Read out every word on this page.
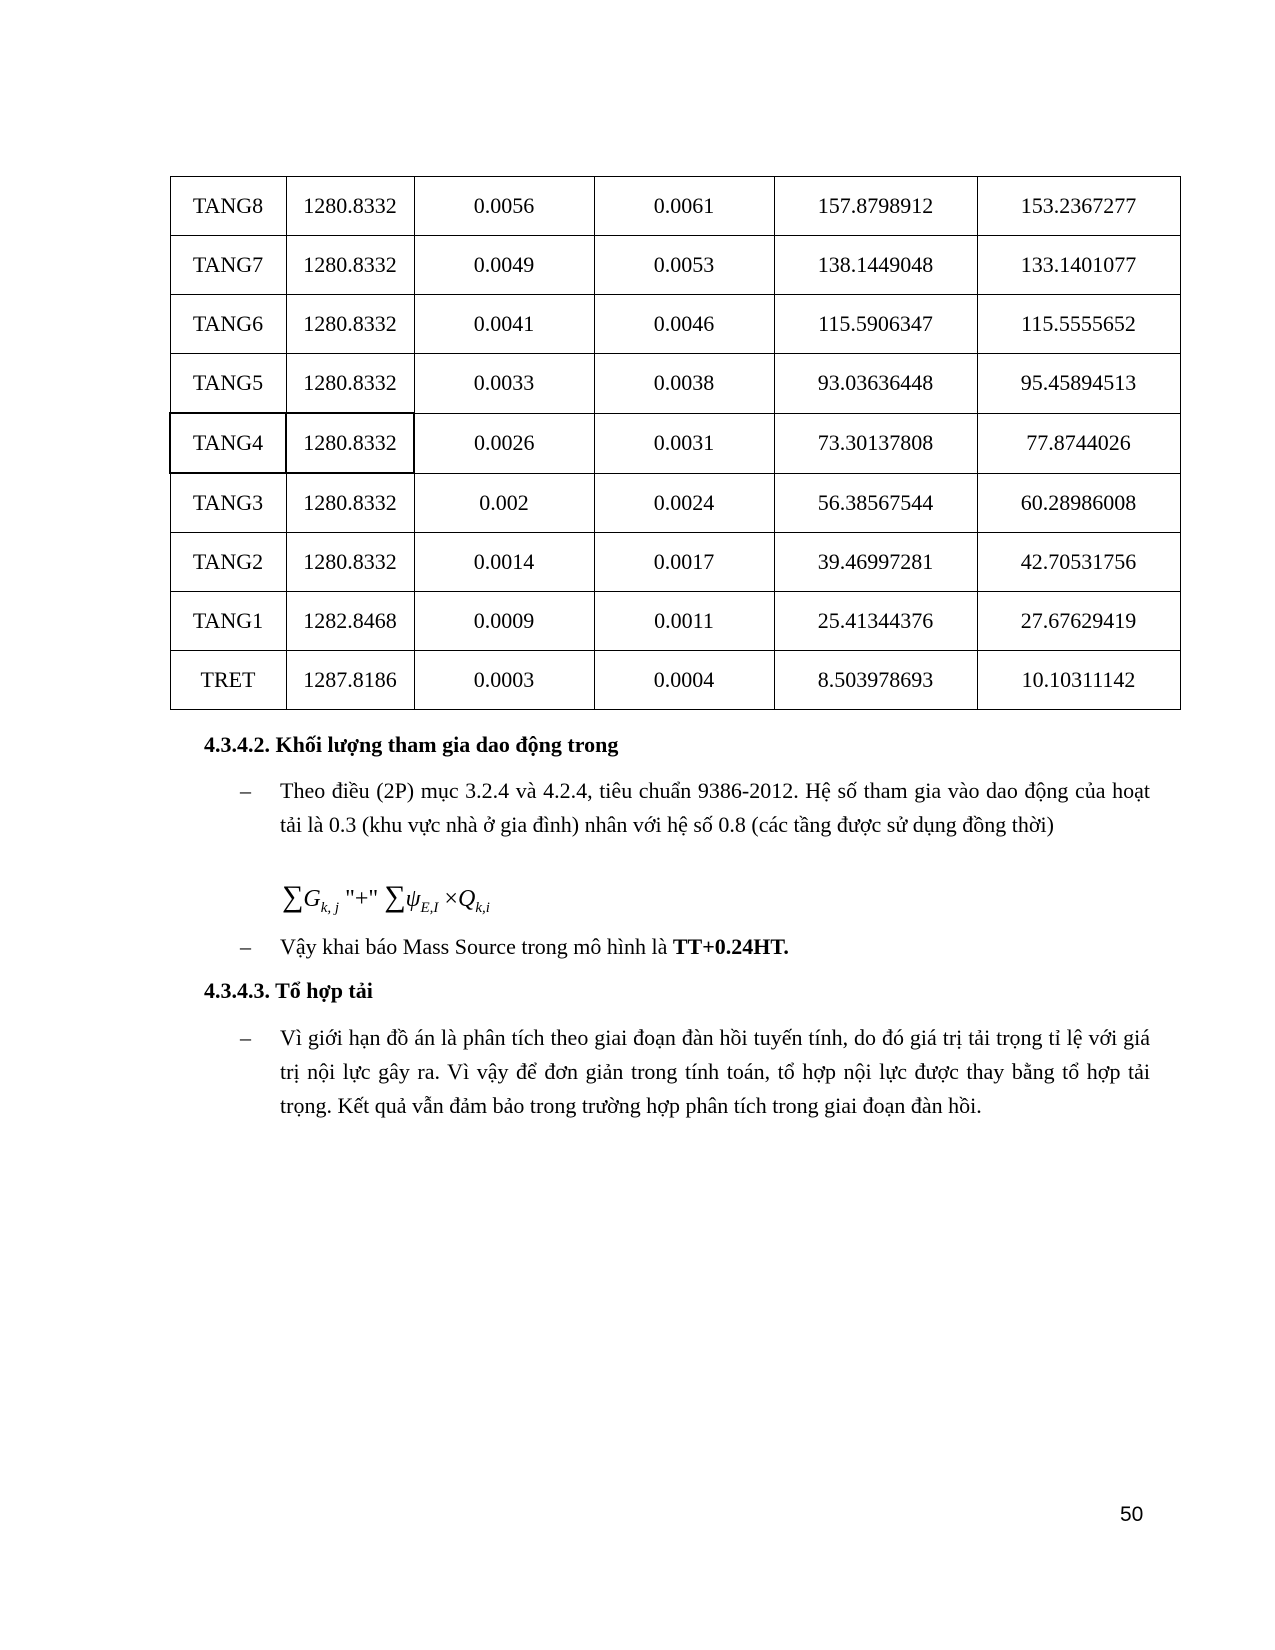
TANG8	1280.8332	0.0056	0.0061	157.8798912	153.2367277
TANG7	1280.8332	0.0049	0.0053	138.1449048	133.1401077
TANG6	1280.8332	0.0041	0.0046	115.5906347	115.5555652
TANG5	1280.8332	0.0033	0.0038	93.03636448	95.45894513
TANG4	1280.8332	0.0026	0.0031	73.30137808	77.8744026
TANG3	1280.8332	0.002	0.0024	56.38567544	60.28986008
TANG2	1280.8332	0.0014	0.0017	39.46997281	42.70531756
TANG1	1282.8468	0.0009	0.0011	25.41344376	27.67629419
TRET	1287.8186	0.0003	0.0004	8.503978693	10.10311142
4.3.4.2. Khối lượng tham gia dao động trong
– Theo điều (2P) mục 3.2.4 và 4.2.4, tiêu chuẩn 9386-2012. Hệ số tham gia vào dao động của hoạt tải là 0.3 (khu vực nhà ở gia đình) nhân với hệ số 0.8 (các tầng được sử dụng đồng thời)
$\sum G_{k, j}$ "+" $\sum\psi_{E,I} \times Q_{k,i}$
– Vậy khai báo Mass Source trong mô hình là TT+0.24HT.
4.3.4.3. Tổ hợp tải
– Vì giới hạn đồ án là phân tích theo giai đoạn đàn hồi tuyến tính, do đó giá trị tải trọng tỉ lệ với giá trị nội lực gây ra. Vì vậy để đơn giản trong tính toán, tổ hợp nội lực được thay bằng tổ hợp tải trọng. Kết quả vẫn đảm bảo trong trường hợp phân tích trong giai đoạn đàn hồi.
50
